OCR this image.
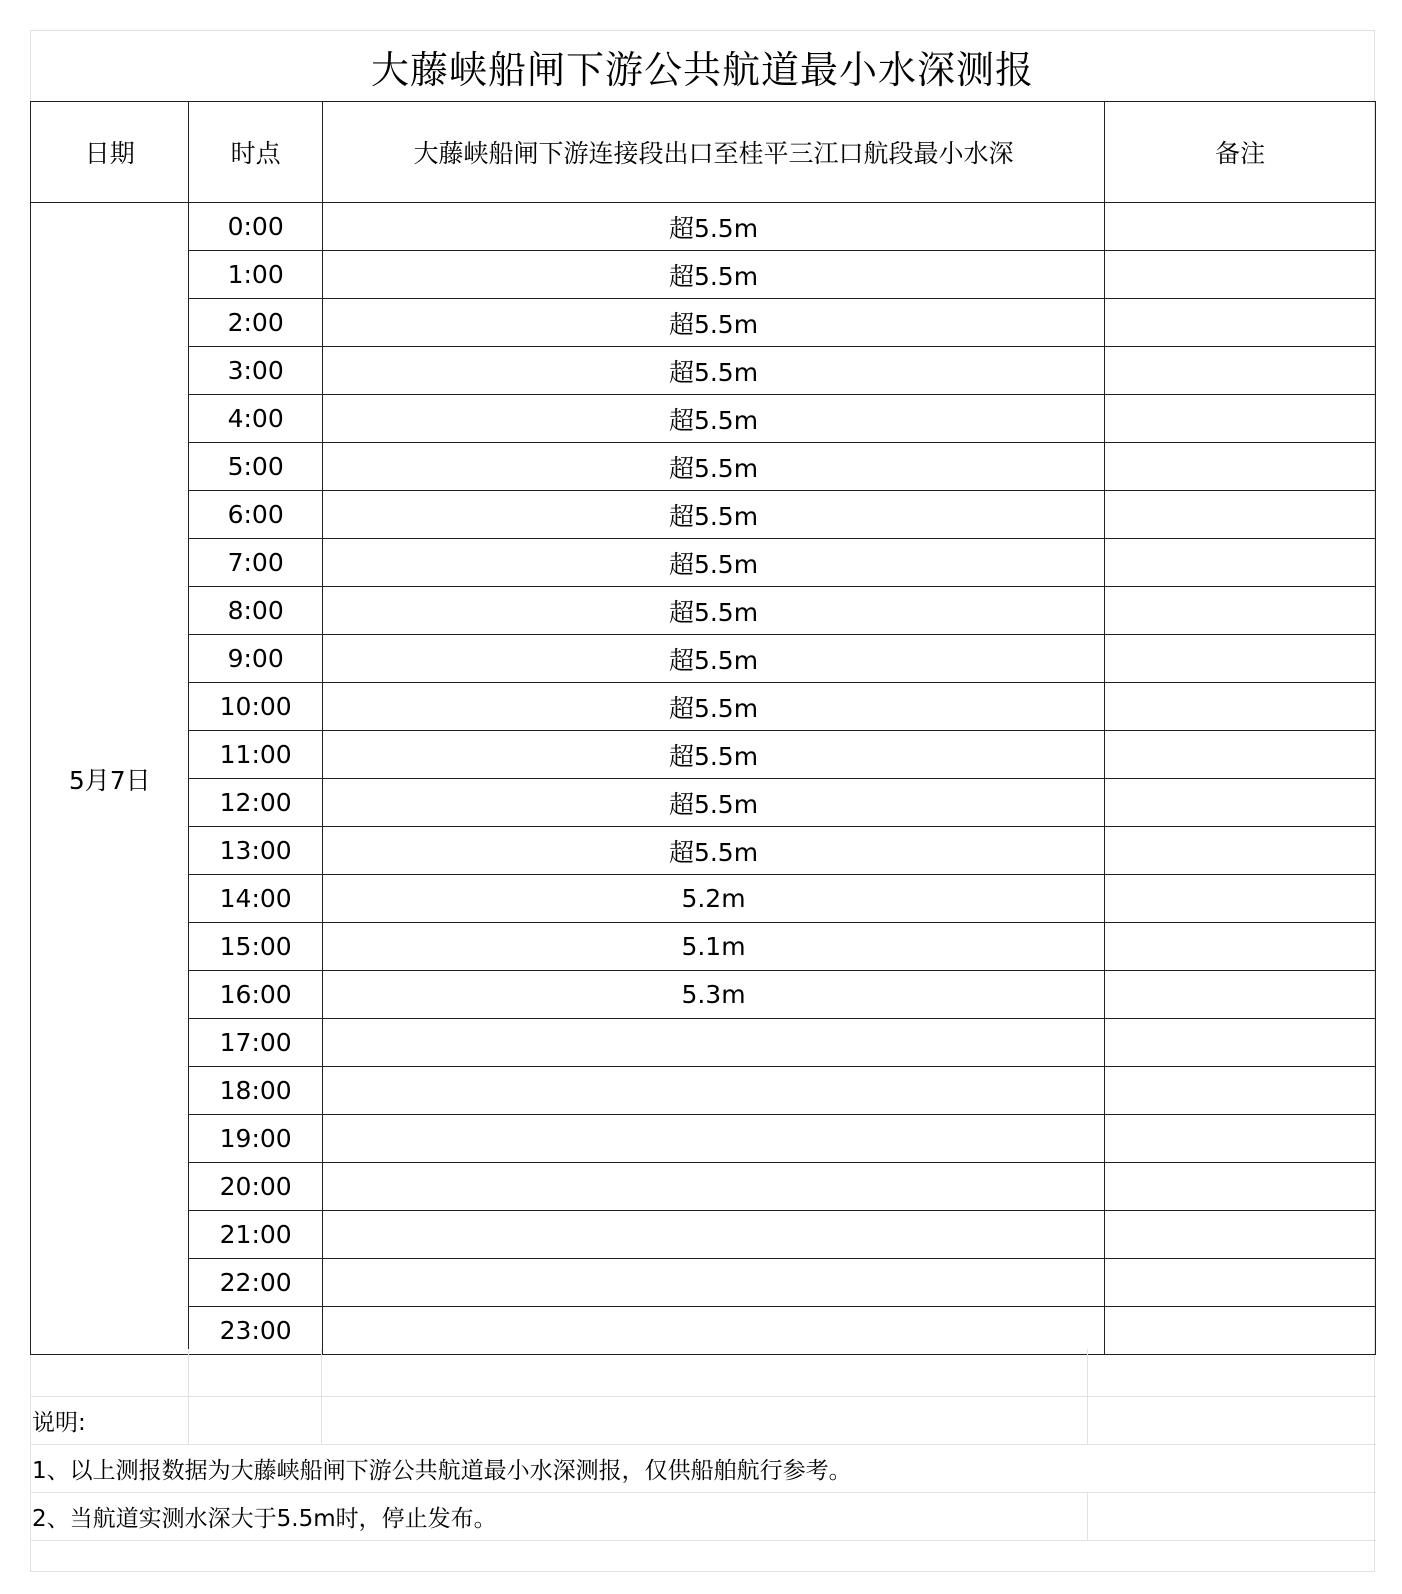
大藤峡船闸下游公共航道最小水深测报
日期	时点	大藤峡船闸下游连接段出口至桂平三江口航段最小水深	备注
5月7日	0:00	超5.5m	
	1:00	超5.5m	
	2:00	超5.5m	
	3:00	超5.5m	
	4:00	超5.5m	
	5:00	超5.5m	
	6:00	超5.5m	
	7:00	超5.5m	
	8:00	超5.5m	
	9:00	超5.5m	
	10:00	超5.5m	
	11:00	超5.5m	
	12:00	超5.5m	
	13:00	超5.5m	
	14:00	5.2m	
	15:00	5.1m	
	16:00	5.3m	
	17:00		
	18:00		
	19:00		
	20:00		
	21:00		
	22:00		
	23:00		
说明:
1、以上测报数据为大藤峡船闸下游公共航道最小水深测报，仅供船舶航行参考。
2、当航道实测水深大于5.5m时，停止发布。
